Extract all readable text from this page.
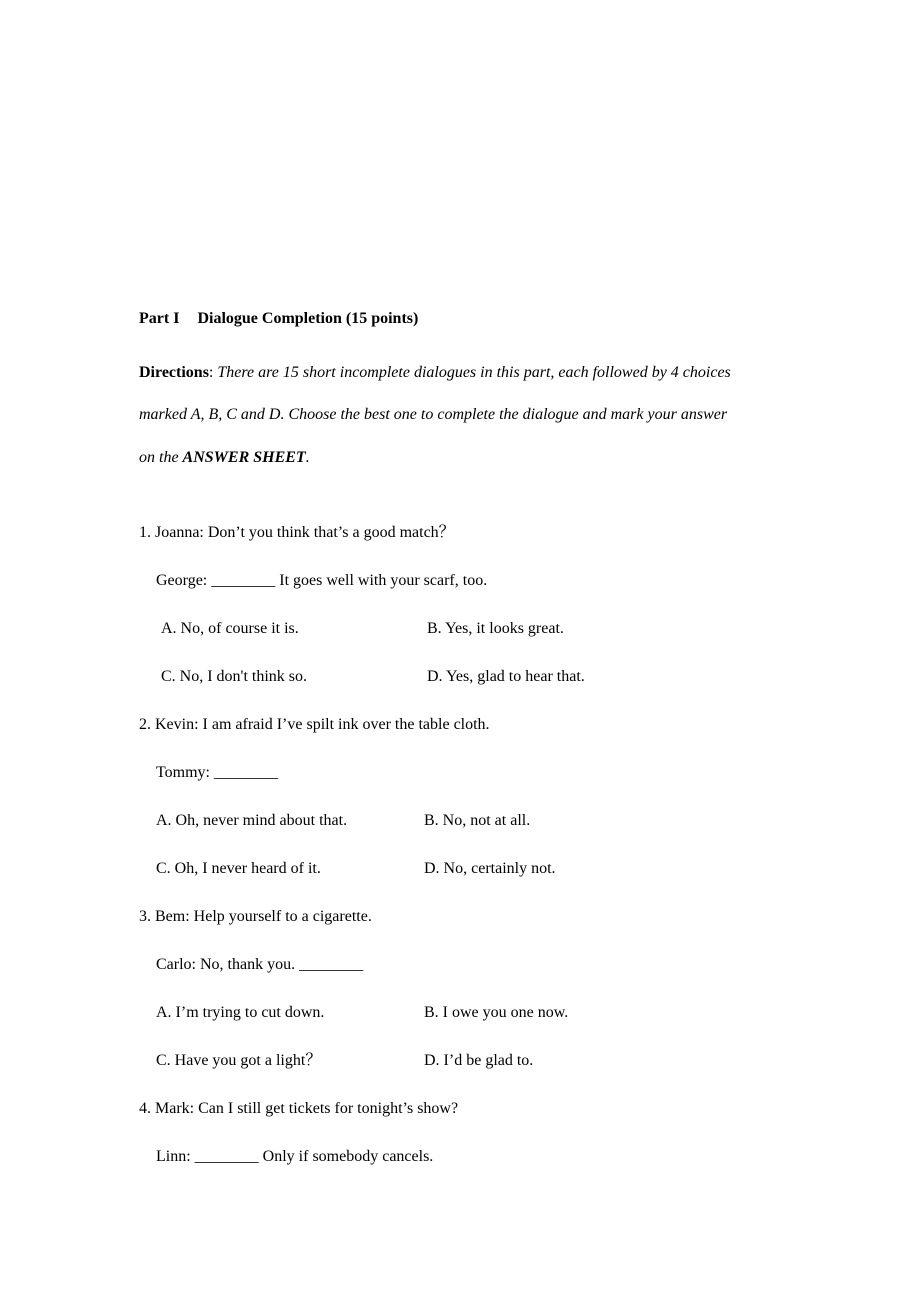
Part I Dialogue Completion (15 points)
Directions: There are 15 short incomplete dialogues in this part, each followed by 4 choices
marked A, B, C and D. Choose the best one to complete the dialogue and mark your answer
on the ANSWER SHEET.
1. Joanna: Don’t you think that’s a good match？
George: ________ It goes well with your scarf, too.
A. No, of course it is.	B. Yes, it looks great.
C. No, I don't think so.	D. Yes, glad to hear that.
2. Kevin: I am afraid I’ve spilt ink over the table cloth.
Tommy: ________
A. Oh, never mind about that.	B. No, not at all.
C. Oh, I never heard of it.	D. No, certainly not.
3. Bem: Help yourself to a cigarette.
Carlo: No, thank you. ________
A. I’m trying to cut down.	B. I owe you one now.
C. Have you got a light？	D. I’d be glad to.
4. Mark: Can I still get tickets for tonight’s show?
Linn: ________ Only if somebody cancels.
